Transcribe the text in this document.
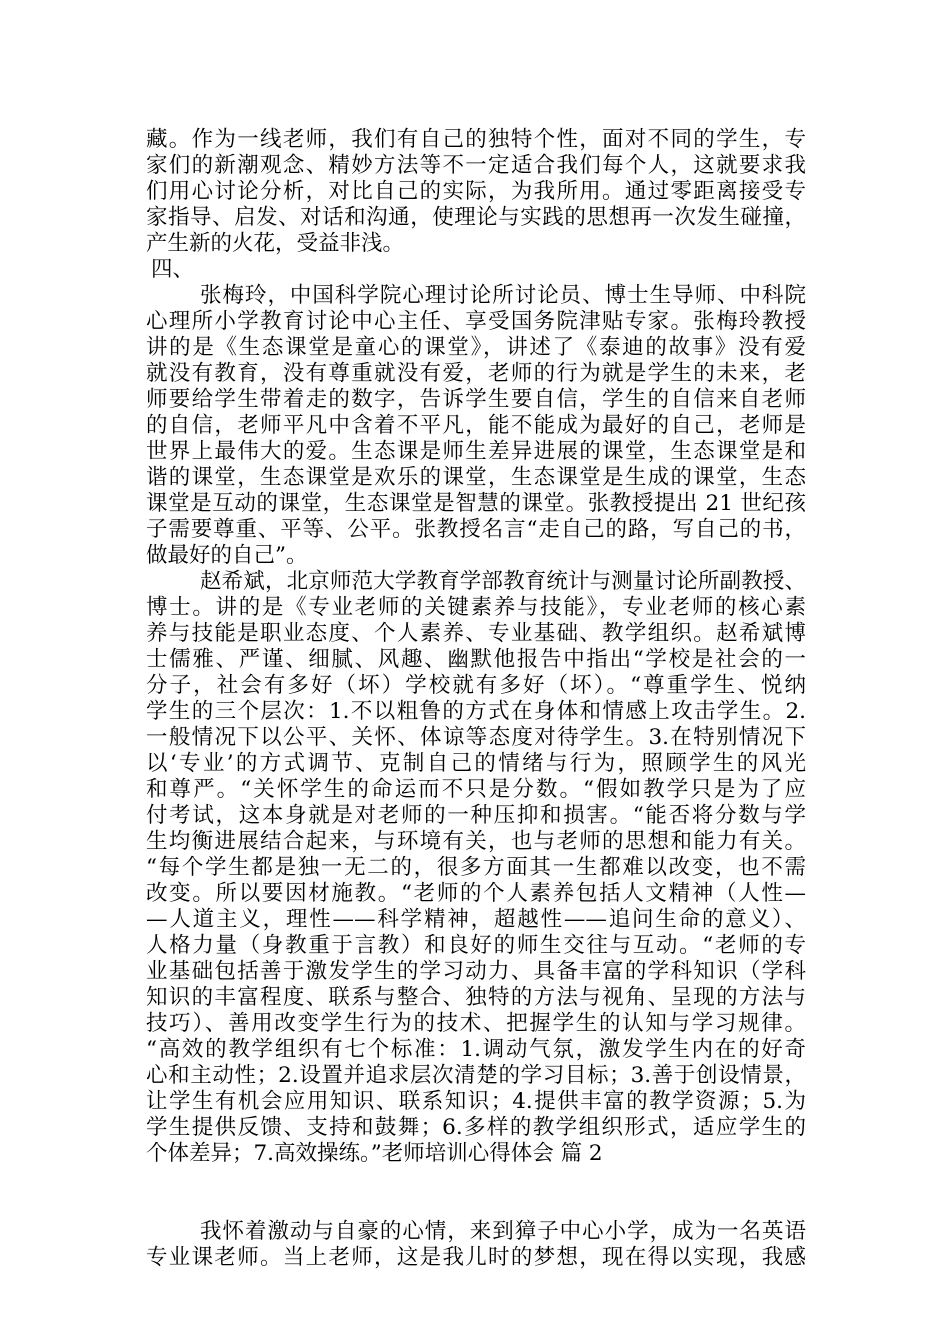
藏。作为一线老师，我们有自己的独特个性，面对不同的学生，专
家们的新潮观念、精妙方法等不一定适合我们每个人，这就要求我
们用心讨论分析，对比自己的实际，为我所用。通过零距离接受专
家指导、启发、对话和沟通，使理论与实践的思想再一次发生碰撞，
产生新的火花，受益非浅。
四、
张梅玲，中国科学院心理讨论所讨论员、博士生导师、中科院
心理所小学教育讨论中心主任、享受国务院津贴专家。张梅玲教授
讲的是《生态课堂是童心的课堂》，讲述了《泰迪的故事》没有爱
就没有教育，没有尊重就没有爱，老师的行为就是学生的未来，老
师要给学生带着走的数字，告诉学生要自信，学生的自信来自老师
的自信，老师平凡中含着不平凡，能不能成为最好的自己，老师是
世界上最伟大的爱。生态课是师生差异进展的课堂，生态课堂是和
谐的课堂，生态课堂是欢乐的课堂，生态课堂是生成的课堂，生态
课堂是互动的课堂，生态课堂是智慧的课堂。张教授提出 21 世纪孩
子需要尊重、平等、公平。张教授名言“走自己的路，写自己的书，
做最好的自己”。
赵希斌，北京师范大学教育学部教育统计与测量讨论所副教授、
博士。讲的是《专业老师的关键素养与技能》，专业老师的核心素
养与技能是职业态度、个人素养、专业基础、教学组织。赵希斌博
士儒雅、严谨、细腻、风趣、幽默他报告中指出“学校是社会的一
分子，社会有多好（坏）学校就有多好（坏）。“尊重学生、悦纳
学生的三个层次：1.不以粗鲁的方式在身体和情感上攻击学生。2.
一般情况下以公平、关怀、体谅等态度对待学生。3.在特别情况下
以‘专业’的方式调节、克制自己的情绪与行为，照顾学生的风光
和尊严。“关怀学生的命运而不只是分数。“假如教学只是为了应
付考试，这本身就是对老师的一种压抑和损害。“能否将分数与学
生均衡进展结合起来，与环境有关，也与老师的思想和能力有关。
“每个学生都是独一无二的，很多方面其一生都难以改变，也不需
改变。所以要因材施教。“老师的个人素养包括人文精神（人性—
—人道主义，理性——科学精神，超越性——追问生命的意义）、
人格力量（身教重于言教）和良好的师生交往与互动。“老师的专
业基础包括善于激发学生的学习动力、具备丰富的学科知识（学科
知识的丰富程度、联系与整合、独特的方法与视角、呈现的方法与
技巧）、善用改变学生行为的技术、把握学生的认知与学习规律。
“高效的教学组织有七个标准：1.调动气氛，激发学生内在的好奇
心和主动性；2.设置并追求层次清楚的学习目标；3.善于创设情景，
让学生有机会应用知识、联系知识；4.提供丰富的教学资源；5.为
学生提供反馈、支持和鼓舞；6.多样的教学组织形式，适应学生的
个体差异；7.高效操练。”老师培训心得体会 篇 2
我怀着激动与自豪的心情，来到獐子中心小学，成为一名英语
专业课老师。当上老师，这是我儿时的梦想，现在得以实现，我感
